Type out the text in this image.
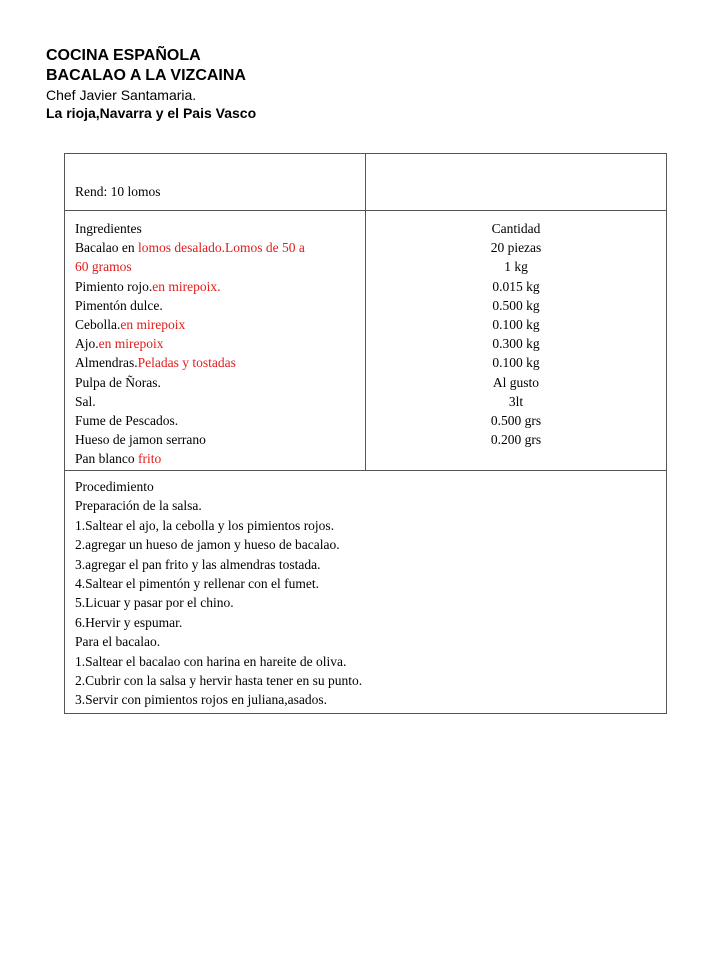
COCINA ESPAÑOLA
BACALAO A LA VIZCAINA
Chef Javier Santamaria.
La rioja,Navarra y el Pais Vasco
Rend: 10 lomos
Ingredientes
Bacalao en lomos desalado.Lomos de 50 a
60 gramos
Pimiento rojo.en mirepoix.
Pimentón dulce.
Cebolla.en mirepoix
Ajo.en mirepoix
Almendras.Peladas y tostadas
Pulpa de Ñoras.
Sal.
Fume de Pescados.
Hueso de jamon serrano
Pan blanco frito
Cantidad
20 piezas
1 kg
0.015 kg
0.500 kg
0.100 kg
0.300 kg
0.100 kg
Al gusto
3lt
0.500 grs
0.200 grs
Procedimiento
Preparación de la salsa.
1.Saltear el ajo, la cebolla y los pimientos rojos.
2.agregar un hueso de jamon y hueso de bacalao.
3.agregar el pan frito y las almendras tostada.
4.Saltear el pimentón y rellenar con el fumet.
5.Licuar y pasar por el chino.
6.Hervir y espumar.
Para el bacalao.
1.Saltear el bacalao con harina en hareite de oliva.
2.Cubrir con la salsa y hervir hasta tener en su punto.
3.Servir con pimientos rojos en juliana,asados.
